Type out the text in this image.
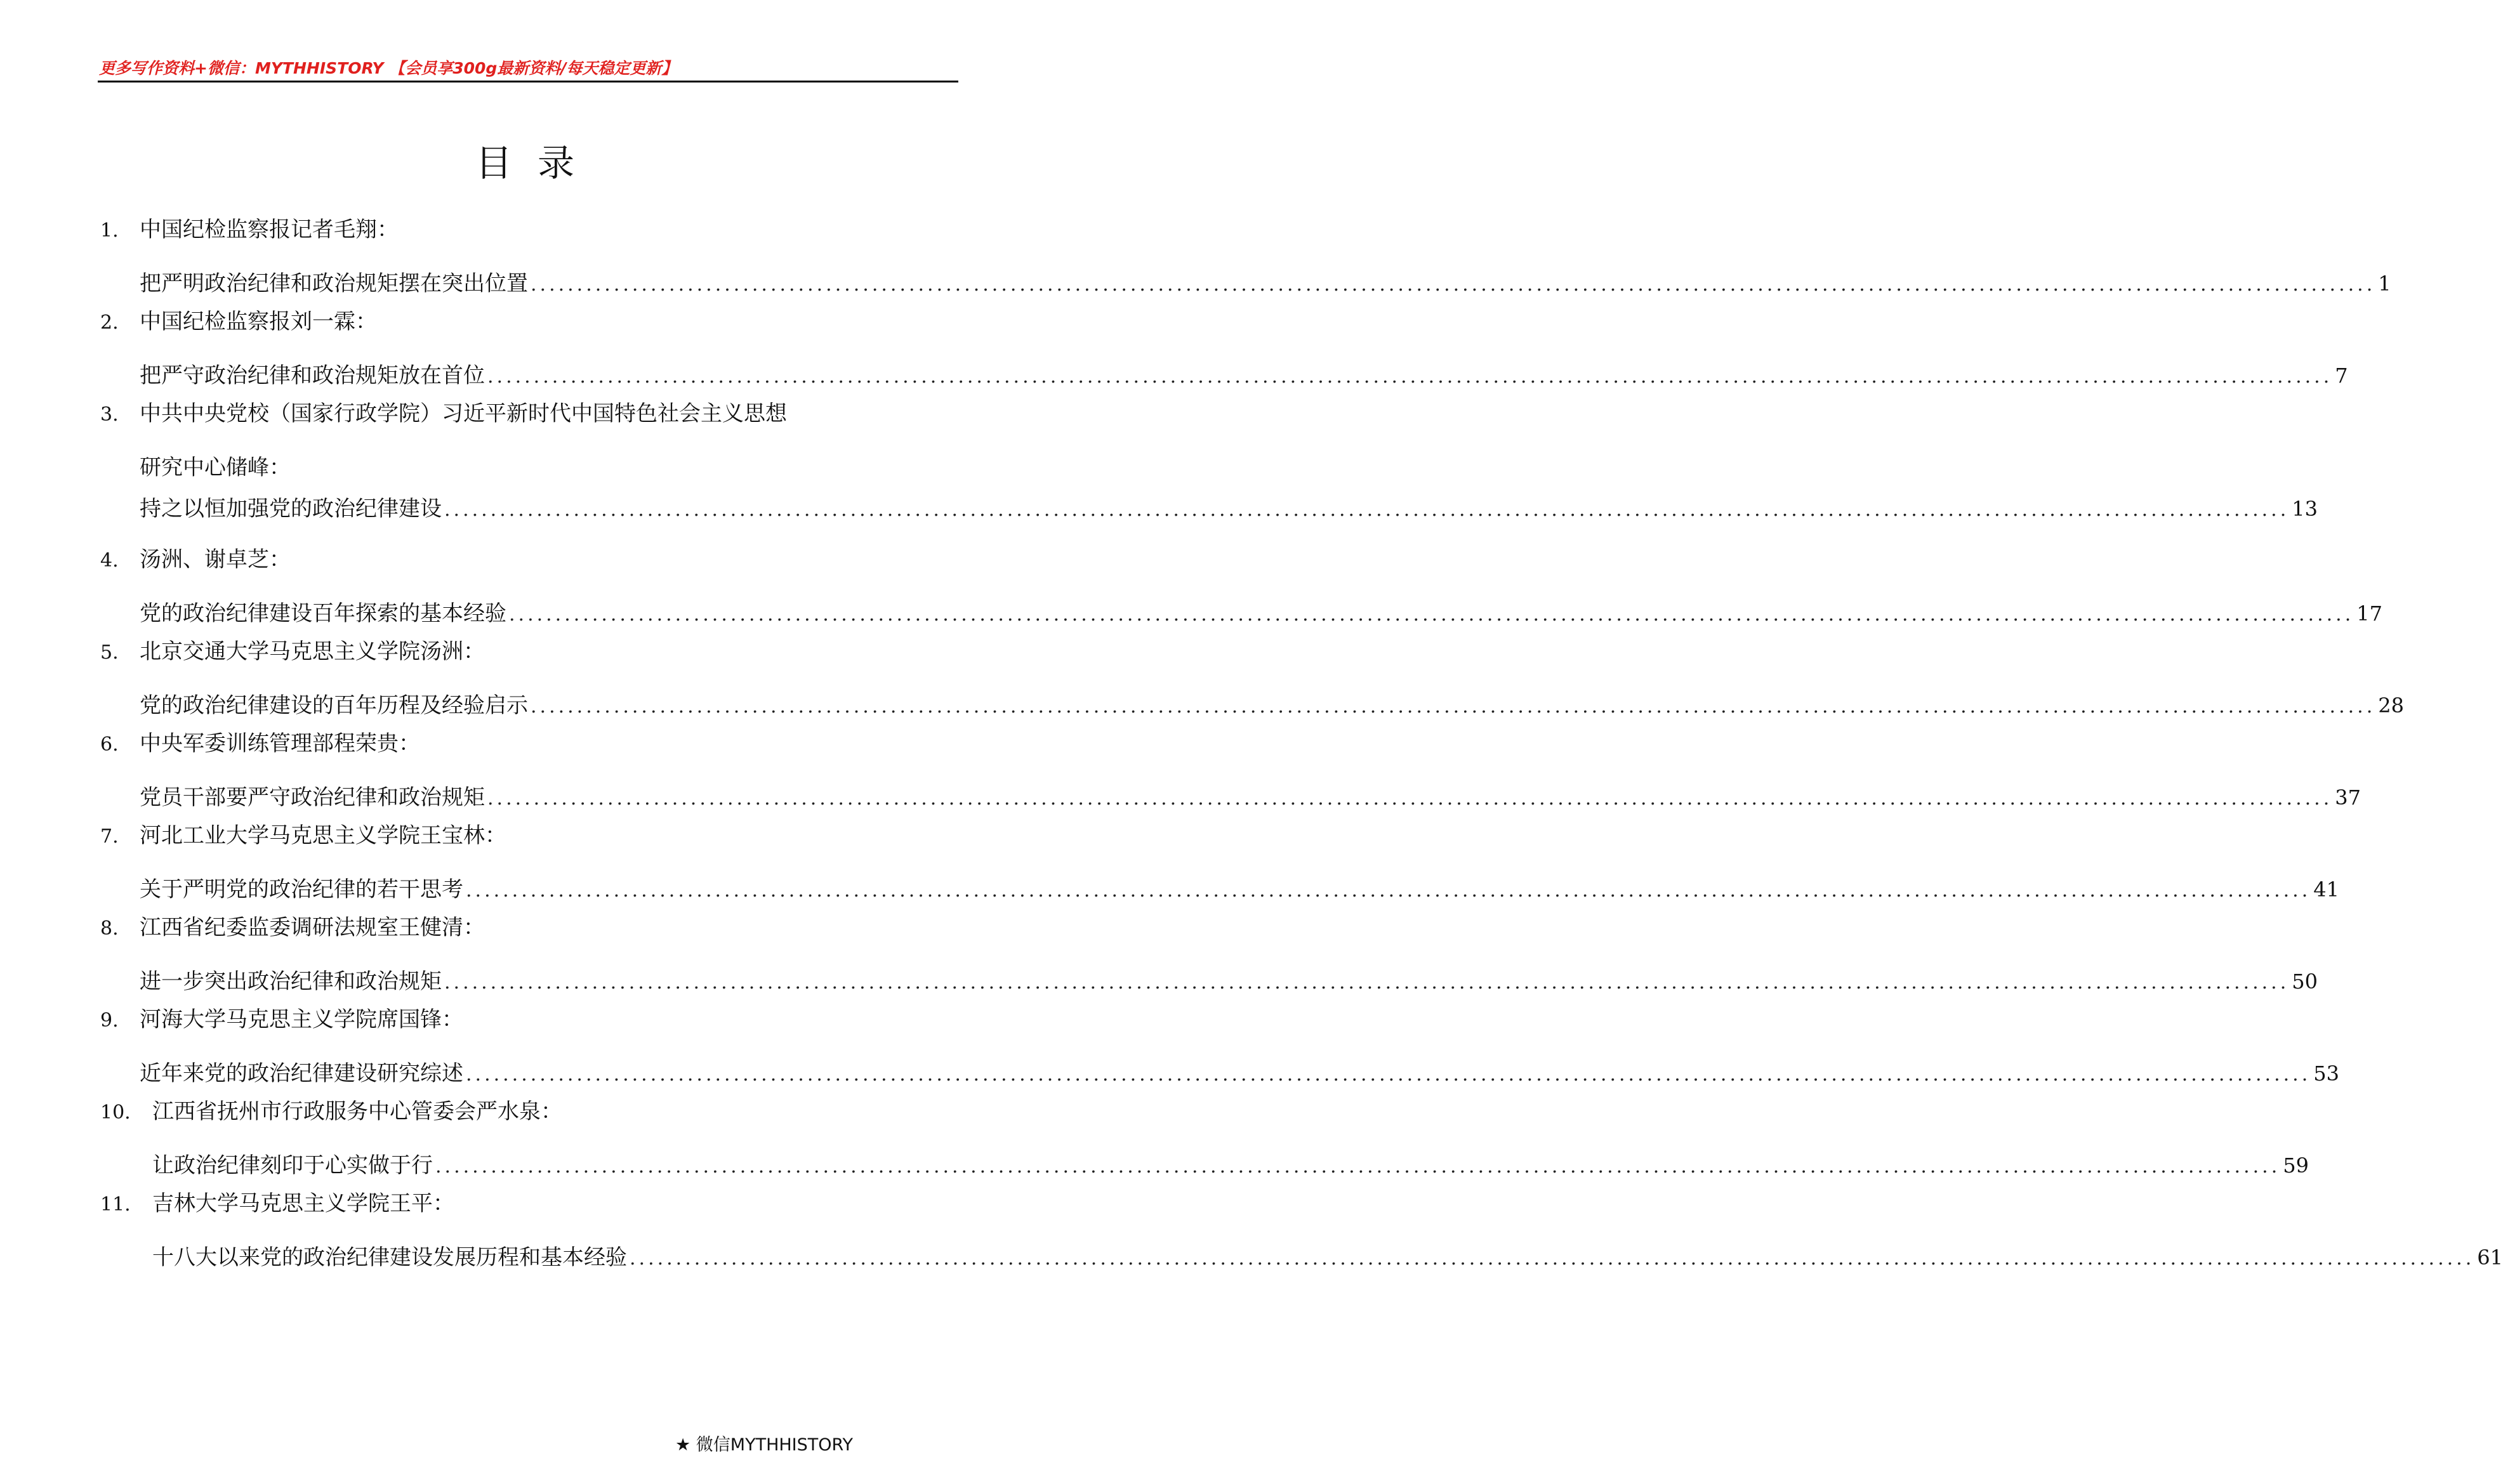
更多写作资料+微信：MYTHHISTORY 【会员享300g最新资料/每天稳定更新】
目录
1. 中国纪检监察报记者毛翔：
把严明政治纪律和政治规矩摆在突出位置 ........................................................................................................................................................................................................ 1
2. 中国纪检监察报刘一霖：
把严守政治纪律和政治规矩放在首位 ........................................................................................................................................................................................................ 7
3. 中共中央党校（国家行政学院）习近平新时代中国特色社会主义思想
研究中心储峰：
持之以恒加强党的政治纪律建设 ........................................................................................................................................................................................................ 13
4. 汤洲、谢卓芝：
党的政治纪律建设百年探索的基本经验 ........................................................................................................................................................................................................ 17
5. 北京交通大学马克思主义学院汤洲：
党的政治纪律建设的百年历程及经验启示 ........................................................................................................................................................................................................ 28
6. 中央军委训练管理部程荣贵：
党员干部要严守政治纪律和政治规矩 ........................................................................................................................................................................................................ 37
7. 河北工业大学马克思主义学院王宝林：
关于严明党的政治纪律的若干思考 ........................................................................................................................................................................................................ 41
8. 江西省纪委监委调研法规室王健清：
进一步突出政治纪律和政治规矩 ........................................................................................................................................................................................................ 50
9. 河海大学马克思主义学院席国锋：
近年来党的政治纪律建设研究综述 ........................................................................................................................................................................................................ 53
10. 江西省抚州市行政服务中心管委会严水泉：
让政治纪律刻印于心实做于行 ........................................................................................................................................................................................................ 59
11. 吉林大学马克思主义学院王平：
十八大以来党的政治纪律建设发展历程和基本经验 ........................................................................................................................................................................................................ 61
★ 微信MYTHHISTORY
